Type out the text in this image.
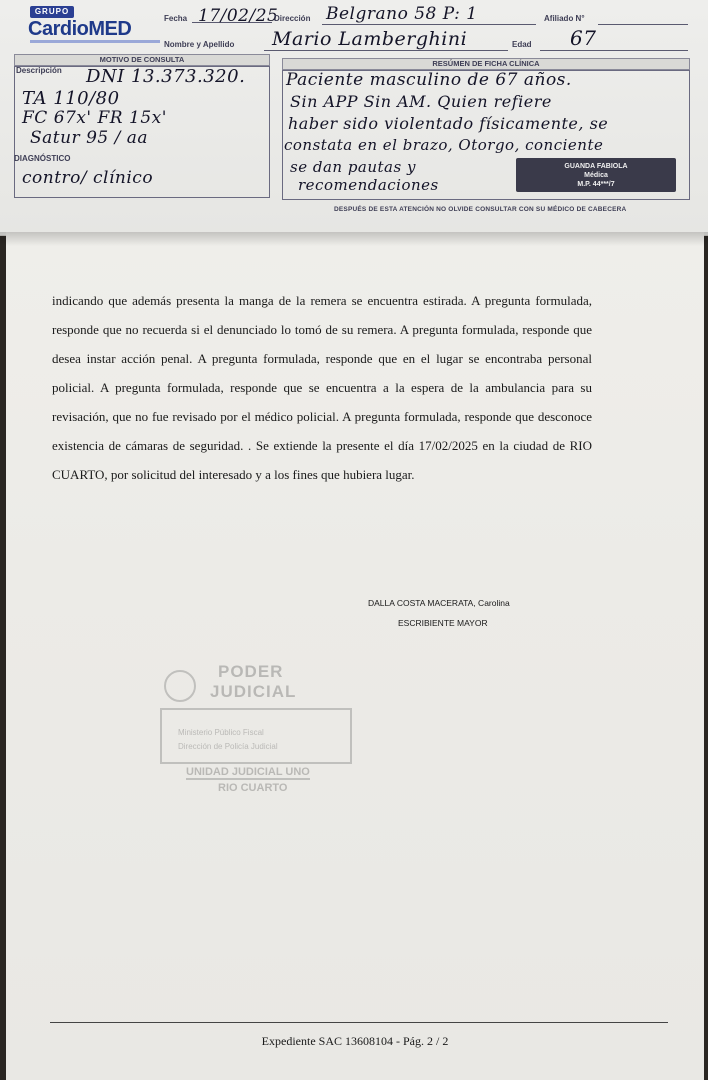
GRUPO
CardioMED	Fecha 17/02/25
Dirección Belgrano 58 P: 1	Afiliado N°
Nombre y Apellido Mario Lamberghini	Edad 67
MOTIVO DE CONSULTA	RESÚMEN DE FICHA CLÍNICA
Descripción DNI 13.373.320.
TA 110/80
FC 67x' FR 15x'
Satur 95 / aa
DIAGNÓSTICO
contro/ clínico
Paciente masculino de 67 años.
Sin APP Sin AM. Quien refiere
haber sido violentado físicamente, se
constata en el brazo, Otorgo, conciente
se dan pautas y
recomendaciones
GUANDA FABIOLA
Médica
M.P. 44***/7
DESPUÉS DE ESTA ATENCIÓN NO OLVIDE CONSULTAR CON SU MÉDICO DE CABECERA

indicando que además presenta la manga de la remera se encuentra estirada. A pregunta formulada, responde que no recuerda si el denunciado lo tomó de su remera. A pregunta formulada, responde que desea instar acción penal. A pregunta formulada, responde que en el lugar se encontraba personal policial. A pregunta formulada, responde que se encuentra a la espera de la ambulancia para su revisación, que no fue revisado por el médico policial. A pregunta formulada, responde que desconoce existencia de cámaras de seguridad. . Se extiende la presente el día 17/02/2025 en la ciudad de RIO CUARTO, por solicitud del interesado y a los fines que hubiera lugar.

DALLA COSTA MACERATA, Carolina
ESCRIBIENTE MAYOR
PODER
JUDICIAL
Ministerio Público Fiscal
Dirección de Policía Judicial
UNIDAD JUDICIAL UNO
RIO CUARTO
Expediente SAC 13608104 - Pág. 2 / 2
